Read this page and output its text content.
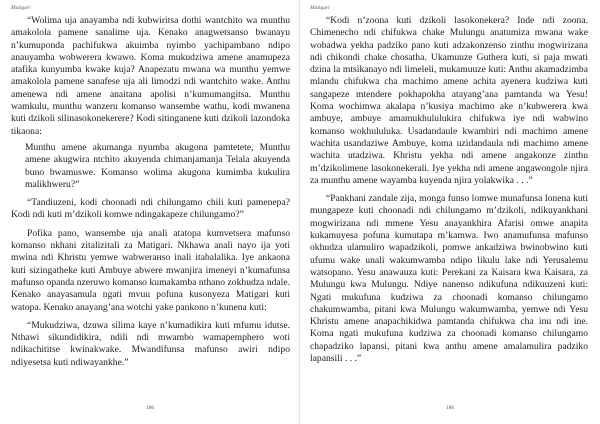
Matigari

“Wolima uja anayamba ndi kubwiritsa dothi wantchito wa munthu amakolola pamene sanalime uja. Kenako anagwetsanso bwanayu n’kumuponda pachifukwa akuimba nyimbo yachipambano ndipo anauyamba wobwerera kwawo. Koma mukudziwa amene anamupeza atafika kunyumba kwake kuja? Anapezatu mwana wa munthu yemwe amakolola pamene sanafese uja ali limodzi ndi wantchito wake. Anthu amenewa ndi amene anaitana apolisi n’kumumangitsa. Munthu wamkulu, munthu wanzeru komanso wansembe wathu, kodi mwanena kuti dzikoli silinasokonekerere? Kodi sitinganene kuti dzikoli lazondoka tikaona:

Munthu amene akumanga nyumba akugona pamtetete, Munthu amene akugwira ntchito akuyenda chimanjamanja Telala akuyenda buno bwamuswe. Komanso wolima akugona kumimba kukulira malikhweru?”

“Tandiuzeni, kodi choonadi ndi chilungamo chili kuti pamenepa? Kodi ndi kuti m’dzikoli komwe ndingakapeze chilungamo?”

Pofika pano, wansembe uja anali atatopa kumvetsera mafunso komanso nkhani zitalizitali za Matigari. Nkhawa anali nayo ija yoti mwina ndi Khristu yemwe wabwerанso inali itabalalika. Iye ankaona kuti sizingatheke kuti Ambuye abwere mwanjira imeneyi n’kumafunsa mafunso opanda nzeruwo komanso kumakamba nthano zokhudza ndale. Kenako anayasamula ngati mvuu pofuna kusonyeza Matigari kuti watopa. Kenako anayang’ana wotchi yake pankono n’kunena kuti:

“Mukudziwa, dzuwa silima kaye n’kumadikira kuti mfumu idutse. Nthawi sikundidikira, ndili ndi mwambo wamapemphero woti ndikachititse kwinakwake. Mwandifunsa mafunso awiri ndipo ndiyesetsa kuti ndiwayankhe.”

186
Matigari

“Kodi n’zoona kuti dzikoli lasokonekera? Inde ndi zoona. Chimenecho ndi chifukwa chake Mulungu anatumiza mwana wake wobadwa yekha padziko pano kuti adzakonzenso zinthu mogwirizana ndi chikondi chake chosatha. Ukamuuze Guthera kuti, si paja mwati dzina la mtsikanayo ndi limeleli, mukamuuze kuti: Anthu akamadzimba mlandu chifukwa cha machimo amene achita ayenera kudziwa kuti sangapeze mtendere pokhapokha atayang’ana pamtanda wa Yesu! Koma wochimwa akalapa n’kusiya machimo ake n’kubwerera kwa ambuye, ambuye amamukhululukira chifukwa iye ndi wabwino komanso wokhululuka. Usadandaule kwambiri ndi machimo amene wachita usandaziwe Ambuye, koma uzidandaula ndi machimo amene wachita utadziwa. Khristu yekha ndi amene angakonze zinthu m’dzikolimene lasokonekerali. Iye yekha ndi amene angawongole njira za munthu amene wayamba kuyenda njira yolakwika . . .”

“Pankhani zandale zija, monga funso lomwe munafunsa lonena kuti mungapeze kuti choonadi ndi chilungamo m’dzikoli, ndikuyankhani mogwirizana ndi mmene Yesu anayankhira Afarisi omwe anapita kukamuyesa pofuna kumutapa m’kamwa. Iwo anamufunsa mafunso okhudza ulamuliro wapadzikoli, pomwe ankadziwa bwinobwino kuti ufumu wake unali wakumwamba ndipo likulu lake ndi Yerusalemu watsopano. Yesu anawauza kuti: Perekani za Kaisara kwa Kaisara, za Mulungu kwa Mulungu. Ndiye nanenso ndikufuna ndikuuzeni kuti: Ngati mukufuna kudziwa za choonadi komanso chilungamo chakumwamba, pitani kwa Mulungu wakumwamba, yemwe ndi Yesu Khristu amene anapachikidwa pamtanda chifukwa cha inu ndi ine. Koma ngati mukufuna kudziwa za choonadi komanso chilungamo chapadziko lapansi, pitani kwa anthu amene amalamulira padziko lapansili . . .”

186
